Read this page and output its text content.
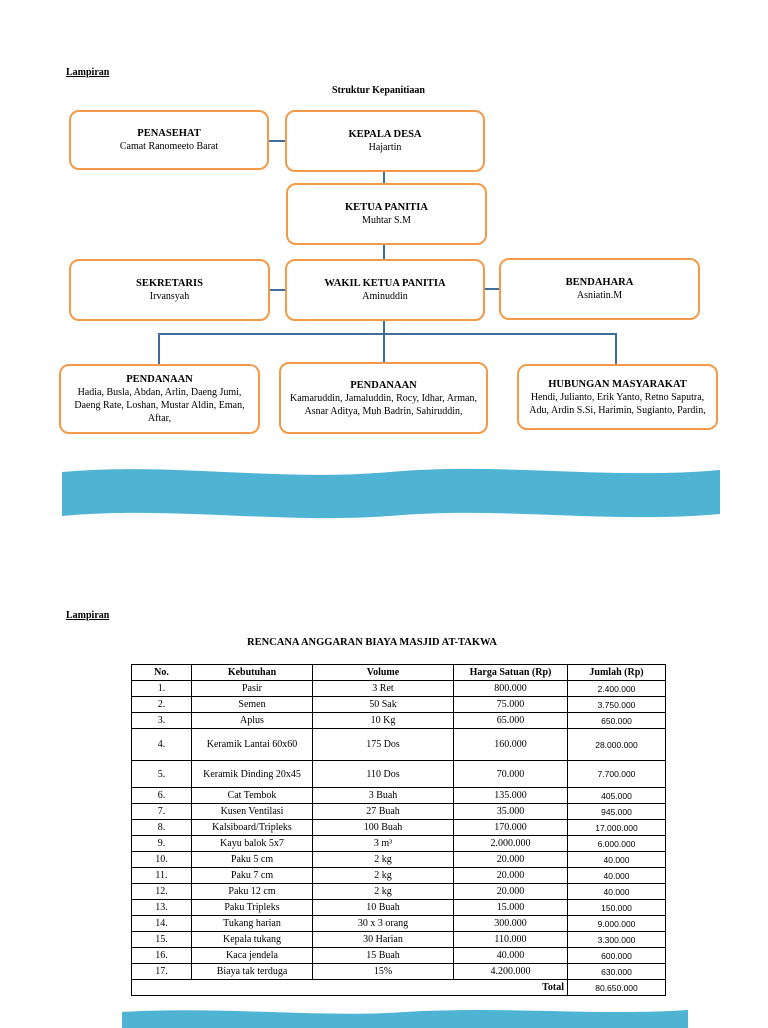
Lampiran
Struktur Kepanitiaan
PENASEHAT
Camat Ranomeeto Barat
KEPALA DESA
Hajartin
KETUA PANITIA
Muhtar S.M
SEKRETARIS
Irvansyah
WAKIL KETUA PANITIA
Aminuddin
BENDAHARA
Asniatin.M
PENDANAAN
Hadia, Busla, Abdan, Arlin, Daeng Jumi, Daeng Rate, Loshan, Mustar Aldin, Eman, Aftar,
PENDANAAN
Kamaruddin, Jamaluddin, Rocy, Idhar, Arman, Asnar Aditya, Muh Badrin, Sahiruddin,
HUBUNGAN MASYARAKAT
Hendi, Julianto, Erik Yanto, Retno Saputra, Adu, Ardin S.Si, Harimin, Sugianto, Pardin,
Lampiran
RENCANA ANGGARAN BIAYA MASJID AT-TAKWA
No.	Kebutuhan	Volume	Harga Satuan (Rp)	Jumlah (Rp)
1.	Pasir	3 Ret	800.000	2.400.000
2.	Semen	50 Sak	75.000	3.750.000
3.	Aplus	10 Kg	65.000	650.000
4.	Keramik Lantai 60x60	175 Dos	160.000	28.000.000
5.	Keramik Dinding 20x45	110 Dos	70.000	7.700.000
6.	Cat Tembok	3 Buah	135.000	405.000
7.	Kusen Ventilasi	27 Buah	35.000	945.000
8.	Kalsiboard/Tripleks	100 Buah	170.000	17.000.000
9.	Kayu balok 5x7	3 m³	2.000.000	6.000.000
10.	Paku 5 cm	2 kg	20.000	40.000
11.	Paku 7 cm	2 kg	20.000	40.000
12.	Paku 12 cm	2 kg	20.000	40.000
13.	Paku Tripleks	10 Buah	15.000	150.000
14.	Tukang harian	30 x 3 orang	300.000	9.000.000
15.	Kepala tukang	30 Harian	110.000	3.300.000
16.	Kaca jendela	15 Buah	40.000	600.000
17.	Biaya tak terduga	15%	4.200.000	630.000
			Total	80.650.000
